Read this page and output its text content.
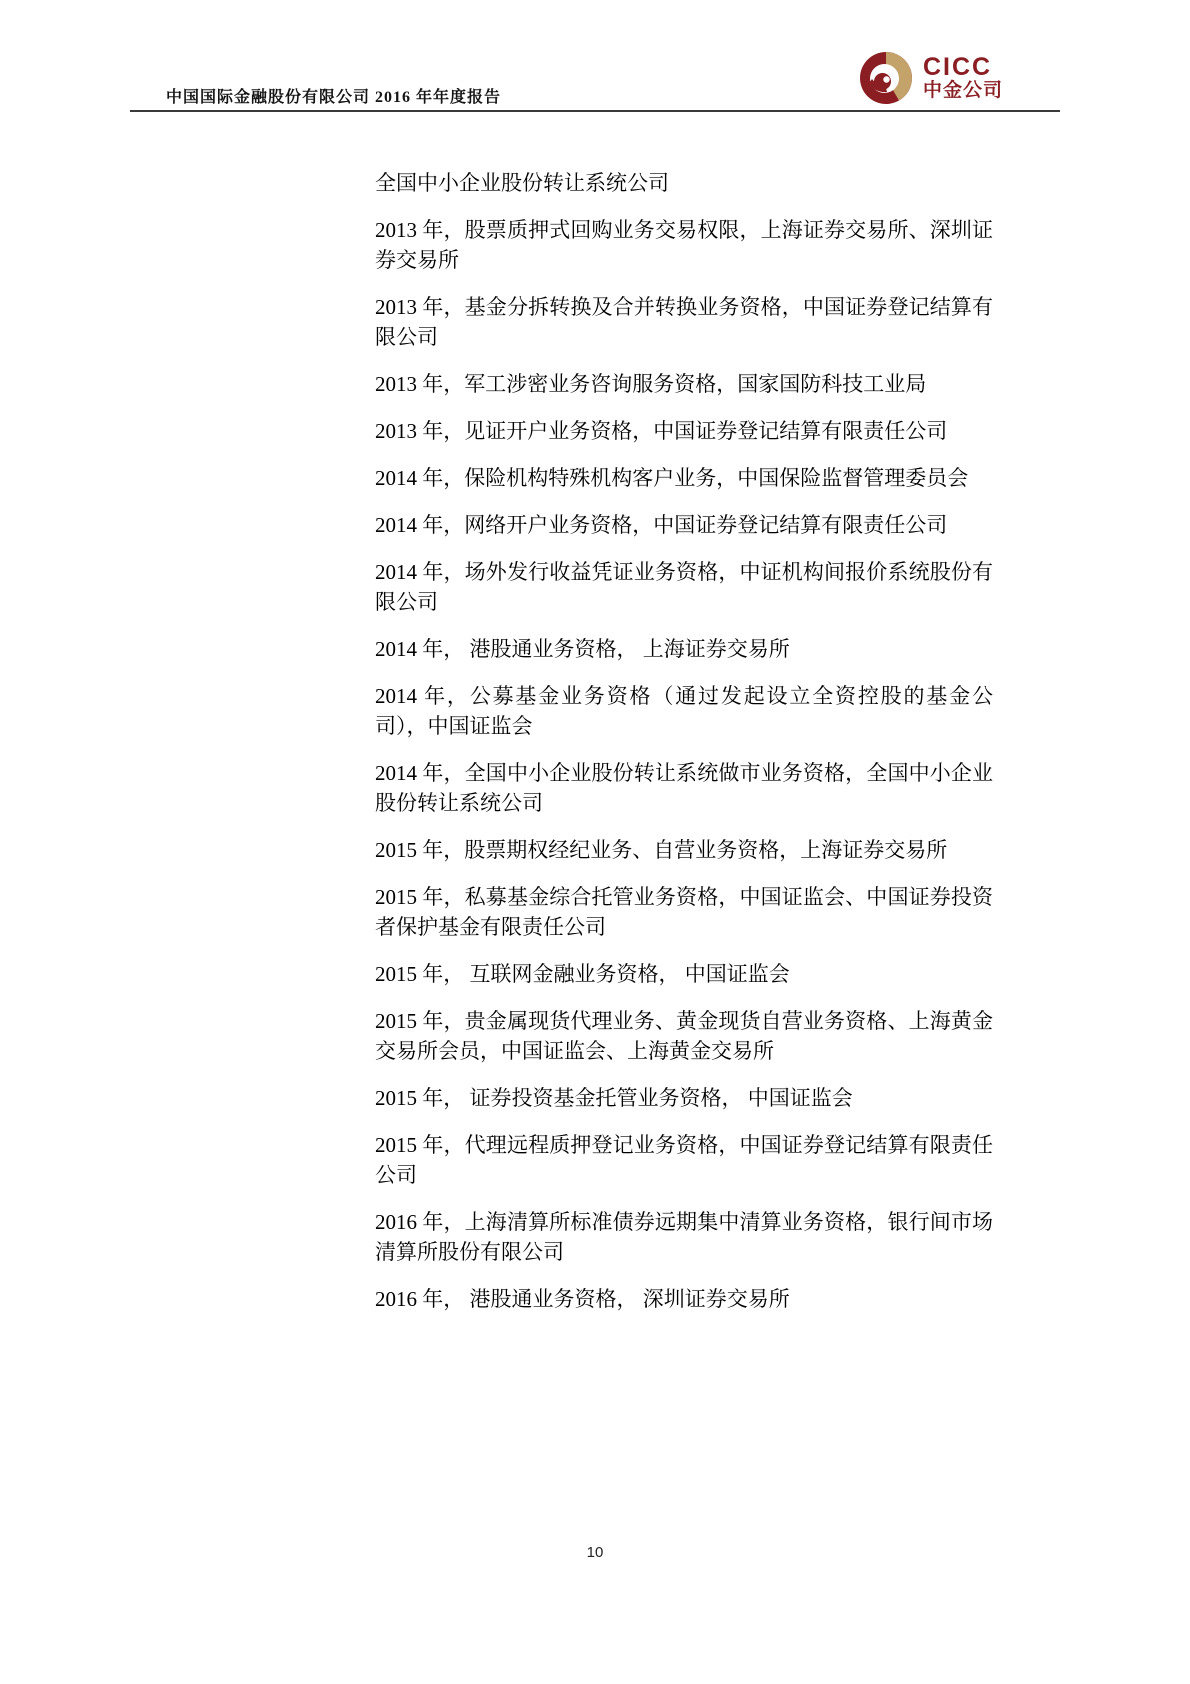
中国国际金融股份有限公司 2016 年年度报告
CICC
中金公司

全国中小企业股份转让系统公司

2013 年，股票质押式回购业务交易权限，上海证券交易所、深圳证券交易所

2013 年，基金分拆转换及合并转换业务资格，中国证券登记结算有限公司

2013 年，军工涉密业务咨询服务资格，国家国防科技工业局

2013 年，见证开户业务资格，中国证券登记结算有限责任公司

2014 年，保险机构特殊机构客户业务，中国保险监督管理委员会

2014 年，网络开户业务资格，中国证券登记结算有限责任公司

2014 年，场外发行收益凭证业务资格，中证机构间报价系统股份有限公司

2014 年， 港股通业务资格， 上海证券交易所

2014 年，公募基金业务资格（通过发起设立全资控股的基金公司），中国证监会

2014 年，全国中小企业股份转让系统做市业务资格，全国中小企业股份转让系统公司

2015 年，股票期权经纪业务、自营业务资格，上海证券交易所

2015 年，私募基金综合托管业务资格，中国证监会、中国证券投资者保护基金有限责任公司

2015 年， 互联网金融业务资格， 中国证监会

2015 年，贵金属现货代理业务、黄金现货自营业务资格、上海黄金交易所会员，中国证监会、上海黄金交易所

2015 年， 证券投资基金托管业务资格， 中国证监会

2015 年，代理远程质押登记业务资格，中国证券登记结算有限责任公司

2016 年，上海清算所标准债券远期集中清算业务资格，银行间市场清算所股份有限公司

2016 年， 港股通业务资格， 深圳证券交易所

10
